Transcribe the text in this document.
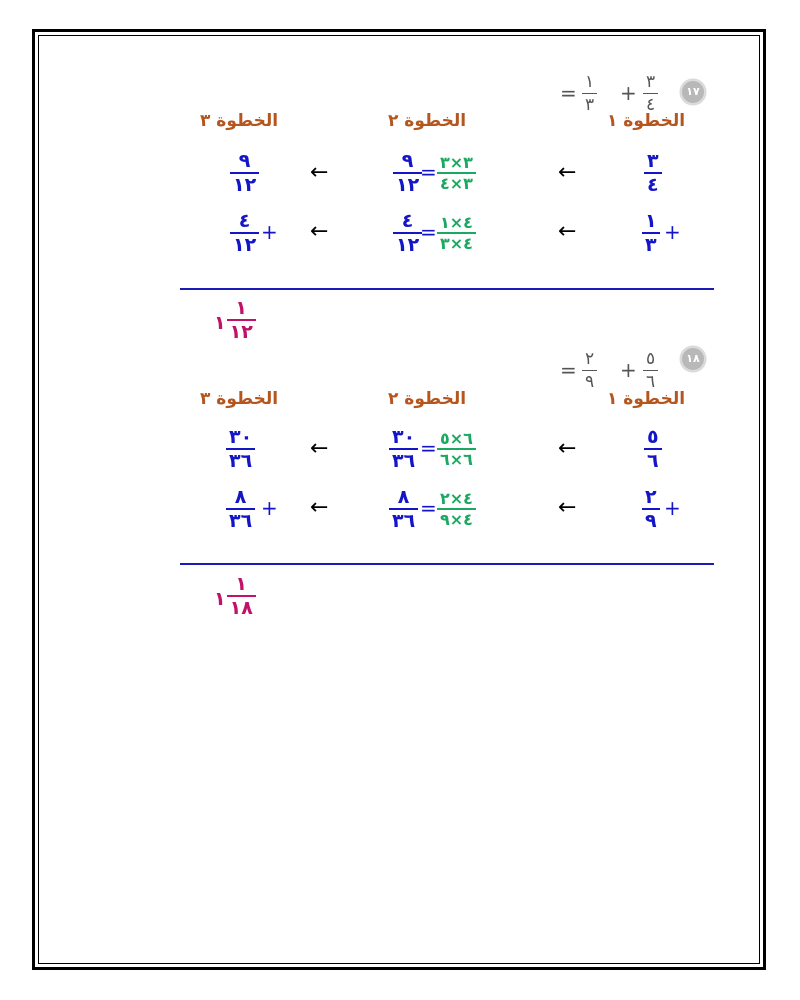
= ١
٣ + ٣
٤
١٧
الخطوة ١
الخطوة ٢
الخطوة ٣
٣
٤
←
٩
١٢
= ٣×٣
٣×٤
←
٩
١٢
١
٣
+
←
٤
١٢
= ٤×١
٤×٣
←
٤
١٢
+
١ $\frac{١}{١٢}$
= ٢
٩ + ٥
٦
١٨
الخطوة ١
الخطوة ٢
الخطوة ٣
٥
٦
←
٣٠
٣٦
= ٦×٥
٦×٦
←
٣٠
٣٦
٢
٩
+
←
٨
٣٦
= ٤×٢
٤×٩
←
٨
٣٦
+
١ $\frac{١}{١٨}$
